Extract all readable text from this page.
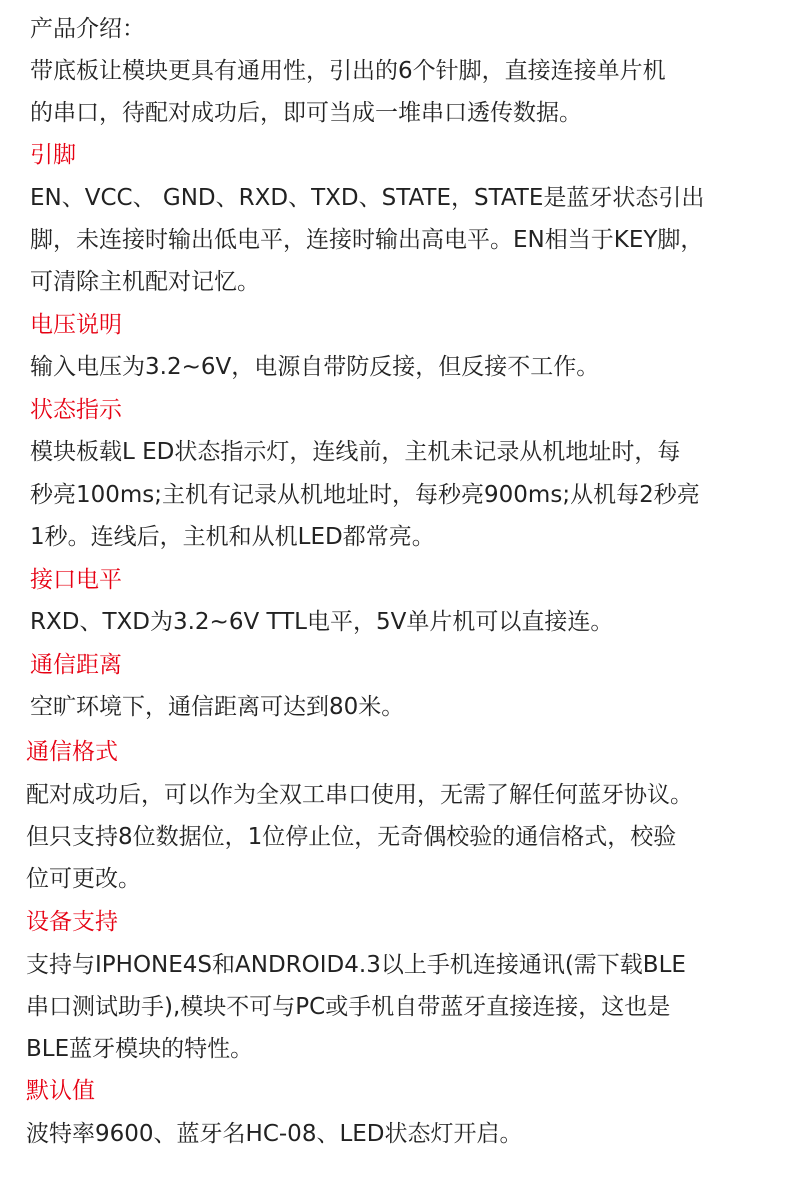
产品介绍：

带底板让模块更具有通用性，引出的6个针脚，直接连接单片机

的串口，待配对成功后，即可当成一堆串口透传数据。

引脚

EN、VCC、 GND、RXD、TXD、STATE，STATE是蓝牙状态引出

脚，未连接时输出低电平，连接时输出高电平。EN相当于KEY脚，

可清除主机配对记忆。

电压说明

输入电压为3.2~6V，电源自带防反接，但反接不工作。

状态指示

模块板载L ED状态指示灯，连线前，主机未记录从机地址时，每

秒亮100ms;主机有记录从机地址时，每秒亮900ms;从机每2秒亮

1秒。连线后，主机和从机LED都常亮。

接口电平

RXD、TXD为3.2~6V TTL电平，5V单片机可以直接连。

通信距离

空旷环境下，通信距离可达到80米。

通信格式

配对成功后，可以作为全双工串口使用，无需了解任何蓝牙协议。

但只支持8位数据位，1位停止位，无奇偶校验的通信格式，校验

位可更改。

设备支持

支持与IPHONE4S和ANDROID4.3以上手机连接通讯(需下载BLE

串口测试助手),模块不可与PC或手机自带蓝牙直接连接，这也是

BLE蓝牙模块的特性。

默认值

波特率9600、蓝牙名HC-08、LED状态灯开启。
